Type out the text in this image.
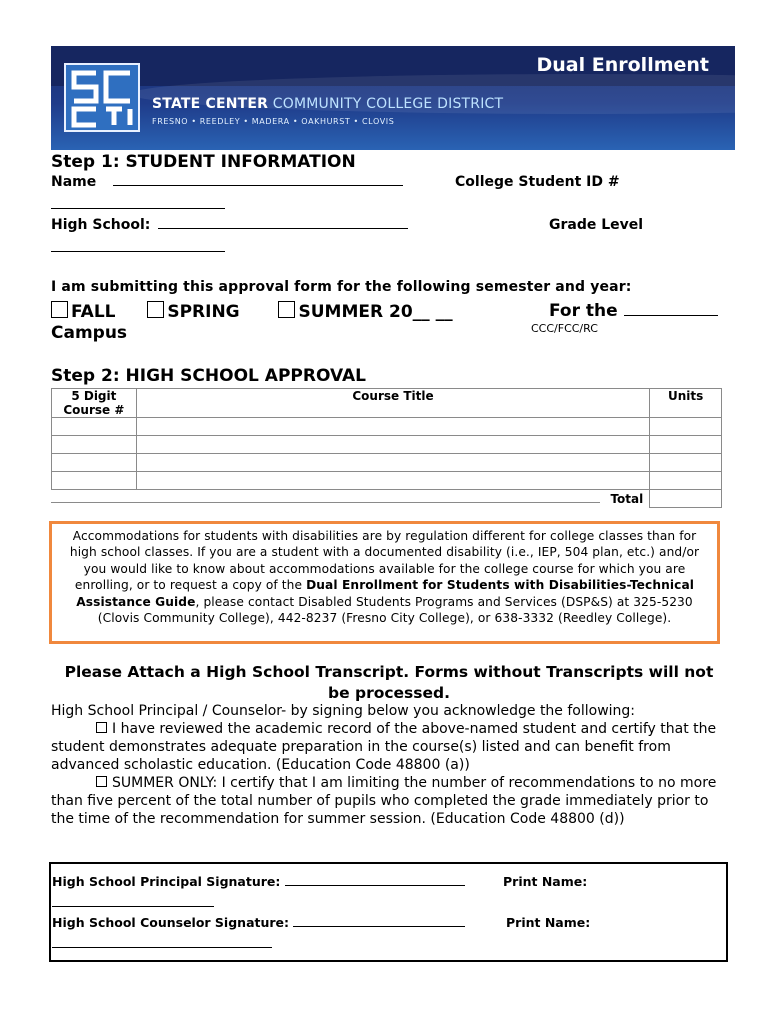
Dual Enrollment
STATE CENTER COMMUNITY COLLEGE DISTRICT
FRESNO • REEDLEY • MADERA • OAKHURST • CLOVIS
Step 1: STUDENT INFORMATION
Name	College Student ID #
High School:	Grade Level
I am submitting this approval form for the following semester and year:
FALL	SPRING	SUMMER 20__ __	For the
Campus	CCC/FCC/RC
Step 2: HIGH SCHOOL APPROVAL
5 Digit Course #	Course Title	Units

Total		
Accommodations for students with disabilities are by regulation different for college classes than for high school classes. If you are a student with a documented disability (i.e., IEP, 504 plan, etc.) and/or you would like to know about accommodations available for the college course for which you are enrolling, or to request a copy of the Dual Enrollment for Students with Disabilities-Technical Assistance Guide, please contact Disabled Students Programs and Services (DSP&S) at 325-5230 (Clovis Community College), 442-8237 (Fresno City College), or 638-3332 (Reedley College).
Please Attach a High School Transcript. Forms without Transcripts will not be processed.
High School Principal / Counselor- by signing below you acknowledge the following:
I have reviewed the academic record of the above-named student and certify that the student demonstrates adequate preparation in the course(s) listed and can benefit from advanced scholastic education. (Education Code 48800 (a))
SUMMER ONLY: I certify that I am limiting the number of recommendations to no more than five percent of the total number of pupils who completed the grade immediately prior to the time of the recommendation for summer session. (Education Code 48800 (d))
High School Principal Signature:	Print Name:
High School Counselor Signature:	Print Name:
